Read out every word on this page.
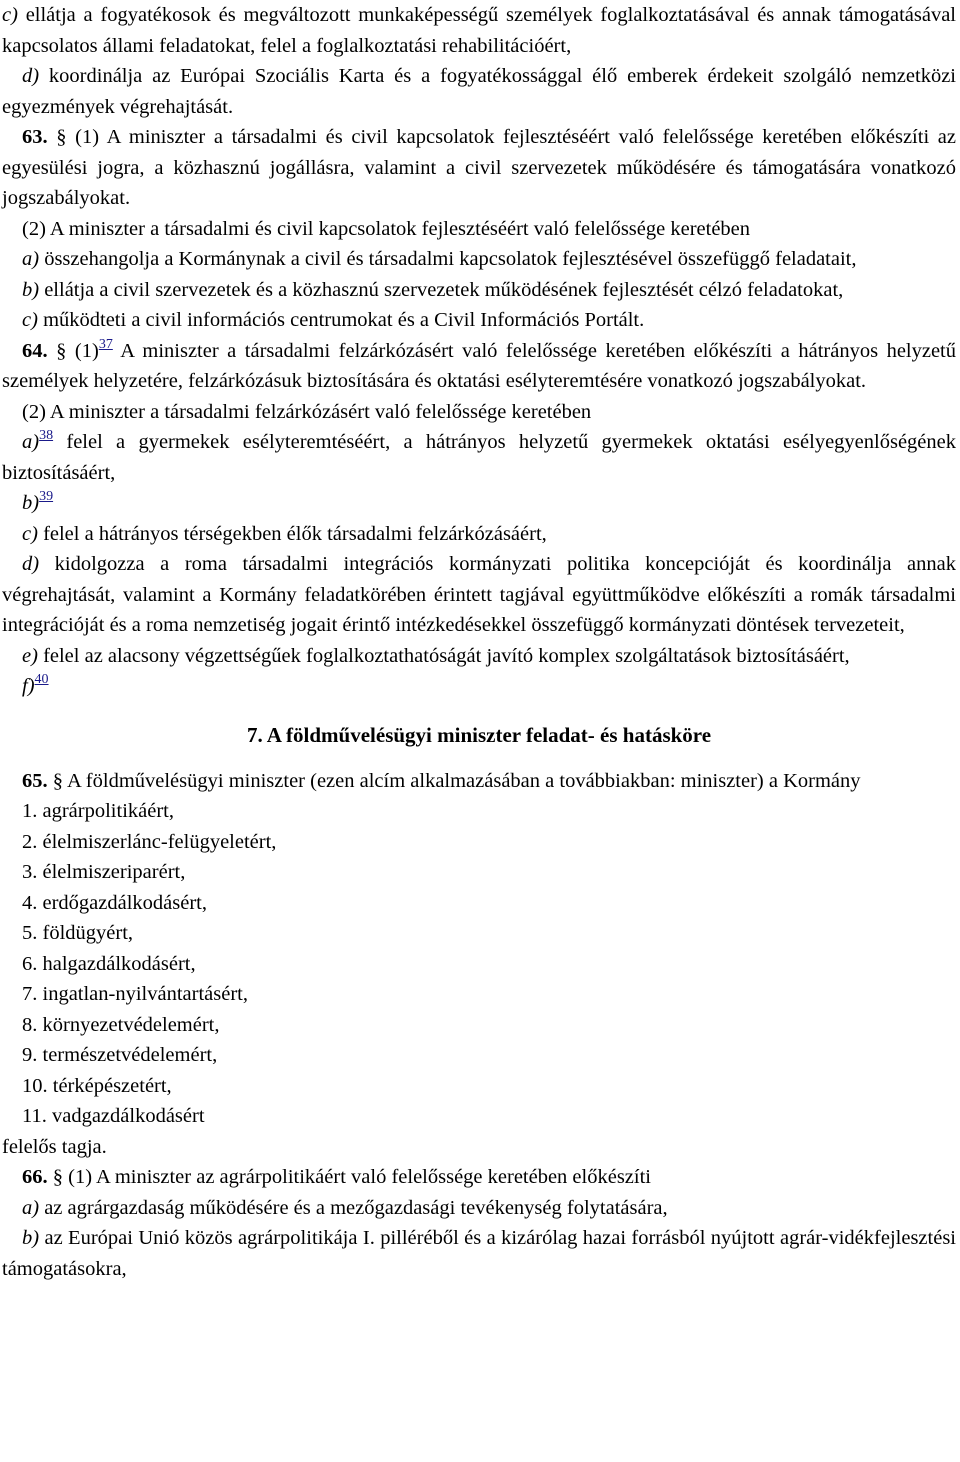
c) ellátja a fogyatékosok és megváltozott munkaképességű személyek foglalkoztatásával és annak támogatásával kapcsolatos állami feladatokat, felel a foglalkoztatási rehabilitációért,

d) koordinálja az Európai Szociális Karta és a fogyatékossággal élő emberek érdekeit szolgáló nemzetközi egyezmények végrehajtását.

63. § (1) A miniszter a társadalmi és civil kapcsolatok fejlesztéséért való felelőssége keretében előkészíti az egyesülési jogra, a közhasznú jogállásra, valamint a civil szervezetek működésére és támogatására vonatkozó jogszabályokat.

(2) A miniszter a társadalmi és civil kapcsolatok fejlesztéséért való felelőssége keretében

a) összehangolja a Kormánynak a civil és társadalmi kapcsolatok fejlesztésével összefüggő feladatait,

b) ellátja a civil szervezetek és a közhasznú szervezetek működésének fejlesztését célzó feladatokat,

c) működteti a civil információs centrumokat és a Civil Információs Portált.

64. § (1)$^{37}$ A miniszter a társadalmi felzárkózásért való felelőssége keretében előkészíti a hátrányos helyzetű személyek helyzetére, felzárkózásuk biztosítására és oktatási esélyteremtésére vonatkozó jogszabályokat.

(2) A miniszter a társadalmi felzárkózásért való felelőssége keretében

a)$^{38}$ felel a gyermekek esélyteremtéséért, a hátrányos helyzetű gyermekek oktatási esélyegyenlőségének biztosításáért,

b)$^{39}$

c) felel a hátrányos térségekben élők társadalmi felzárkózásáért,

d) kidolgozza a roma társadalmi integrációs kormányzati politika koncepcióját és koordinálja annak végrehajtását, valamint a Kormány feladatkörében érintett tagjával együttműködve előkészíti a romák társadalmi integrációját és a roma nemzetiség jogait érintő intézkedésekkel összefüggő kormányzati döntések tervezeteit,

e) felel az alacsony végzettségűek foglalkoztathatóságát javító komplex szolgáltatások biztosításáért,

f)$^{40}$

7. A földművelésügyi miniszter feladat- és hatásköre

65. § A földművelésügyi miniszter (ezen alcím alkalmazásában a továbbiakban: miniszter) a Kormány

1. agrárpolitikáért,

2. élelmiszerlánc-felügyeletért,

3. élelmiszeriparért,

4. erdőgazdálkodásért,

5. földügyért,

6. halgazdálkodásért,

7. ingatlan-nyilvántartásért,

8. környezetvédelemért,

9. természetvédelemért,

10. térképészetért,

11. vadgazdálkodásért

felelős tagja.

66. § (1) A miniszter az agrárpolitikáért való felelőssége keretében előkészíti

a) az agrárgazdaság működésére és a mezőgazdasági tevékenység folytatására,

b) az Európai Unió közös agrárpolitikája I. pilléréből és a kizárólag hazai forrásból nyújtott agrár-vidékfejlesztési támogatásokra,
